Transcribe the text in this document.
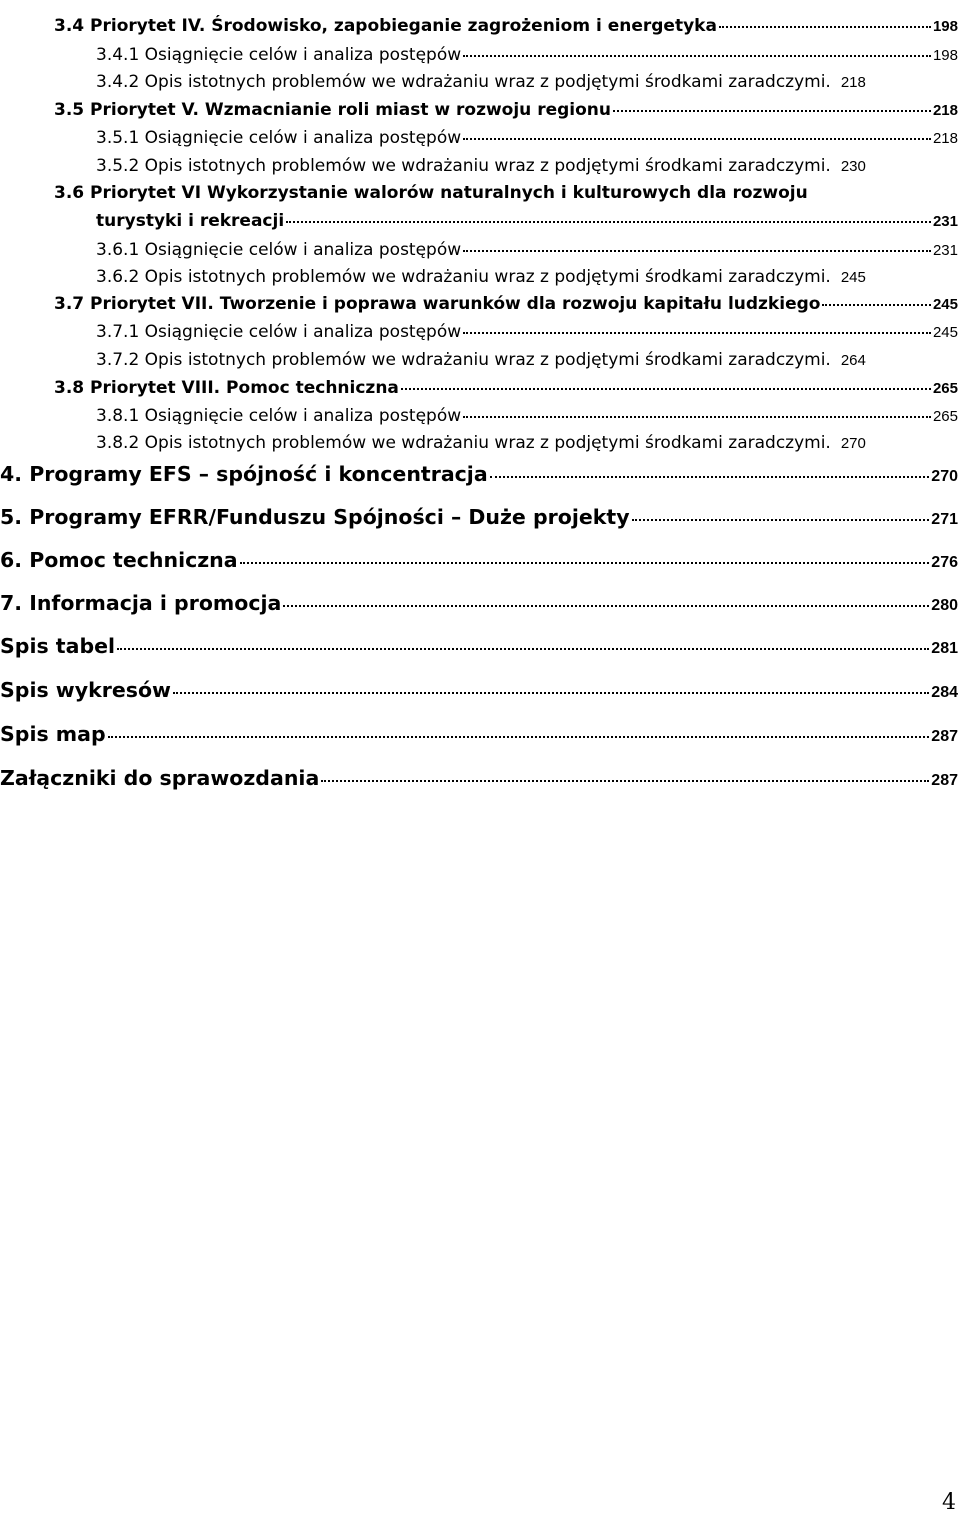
3.4 Priorytet IV. Środowisko, zapobieganie zagrożeniom i energetyka	198
3.4.1 Osiągnięcie celów i analiza postępów	198
3.4.2 Opis istotnych problemów we wdrażaniu wraz z podjętymi środkami zaradczymi. 218
3.5 Priorytet V. Wzmacnianie roli miast w rozwoju regionu	218
3.5.1 Osiągnięcie celów i analiza postępów	218
3.5.2 Opis istotnych problemów we wdrażaniu wraz z podjętymi środkami zaradczymi. 230
3.6 Priorytet VI Wykorzystanie walorów naturalnych i kulturowych dla rozwoju
turystyki i rekreacji	231
3.6.1 Osiągnięcie celów i analiza postępów	231
3.6.2 Opis istotnych problemów we wdrażaniu wraz z podjętymi środkami zaradczymi. 245
3.7 Priorytet VII. Tworzenie i poprawa warunków dla rozwoju kapitału ludzkiego	245
3.7.1 Osiągnięcie celów i analiza postępów	245
3.7.2 Opis istotnych problemów we wdrażaniu wraz z podjętymi środkami zaradczymi. 264
3.8 Priorytet VIII. Pomoc techniczna	265
3.8.1 Osiągnięcie celów i analiza postępów	265
3.8.2 Opis istotnych problemów we wdrażaniu wraz z podjętymi środkami zaradczymi. 270
4. Programy EFS – spójność i koncentracja	270
5. Programy EFRR/Funduszu Spójności – Duże projekty	271
6. Pomoc techniczna	276
7. Informacja i promocja	280
Spis tabel	281
Spis wykresów	284
Spis map	287
Załączniki do sprawozdania	287
4
